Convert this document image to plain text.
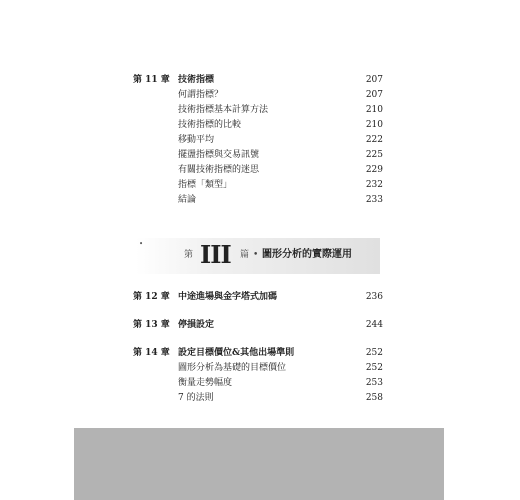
第 11 章 技術指標	207
何謂指標？	207
技術指標基本計算方法	210
技術指標的比較	210
移動平均	222
擺盪指標與交易訊號	225
有關技術指標的迷思	229
指標「類型」	232
結論	233
•
第 III 篇 • 圖形分析的實際運用
第 12 章 中途進場與金字塔式加碼	236
第 13 章 停損設定	244
第 14 章 設定目標價位&其他出場準則	252
圖形分析為基礎的目標價位	252
衡量走勢幅度	253
7 的法則	258
